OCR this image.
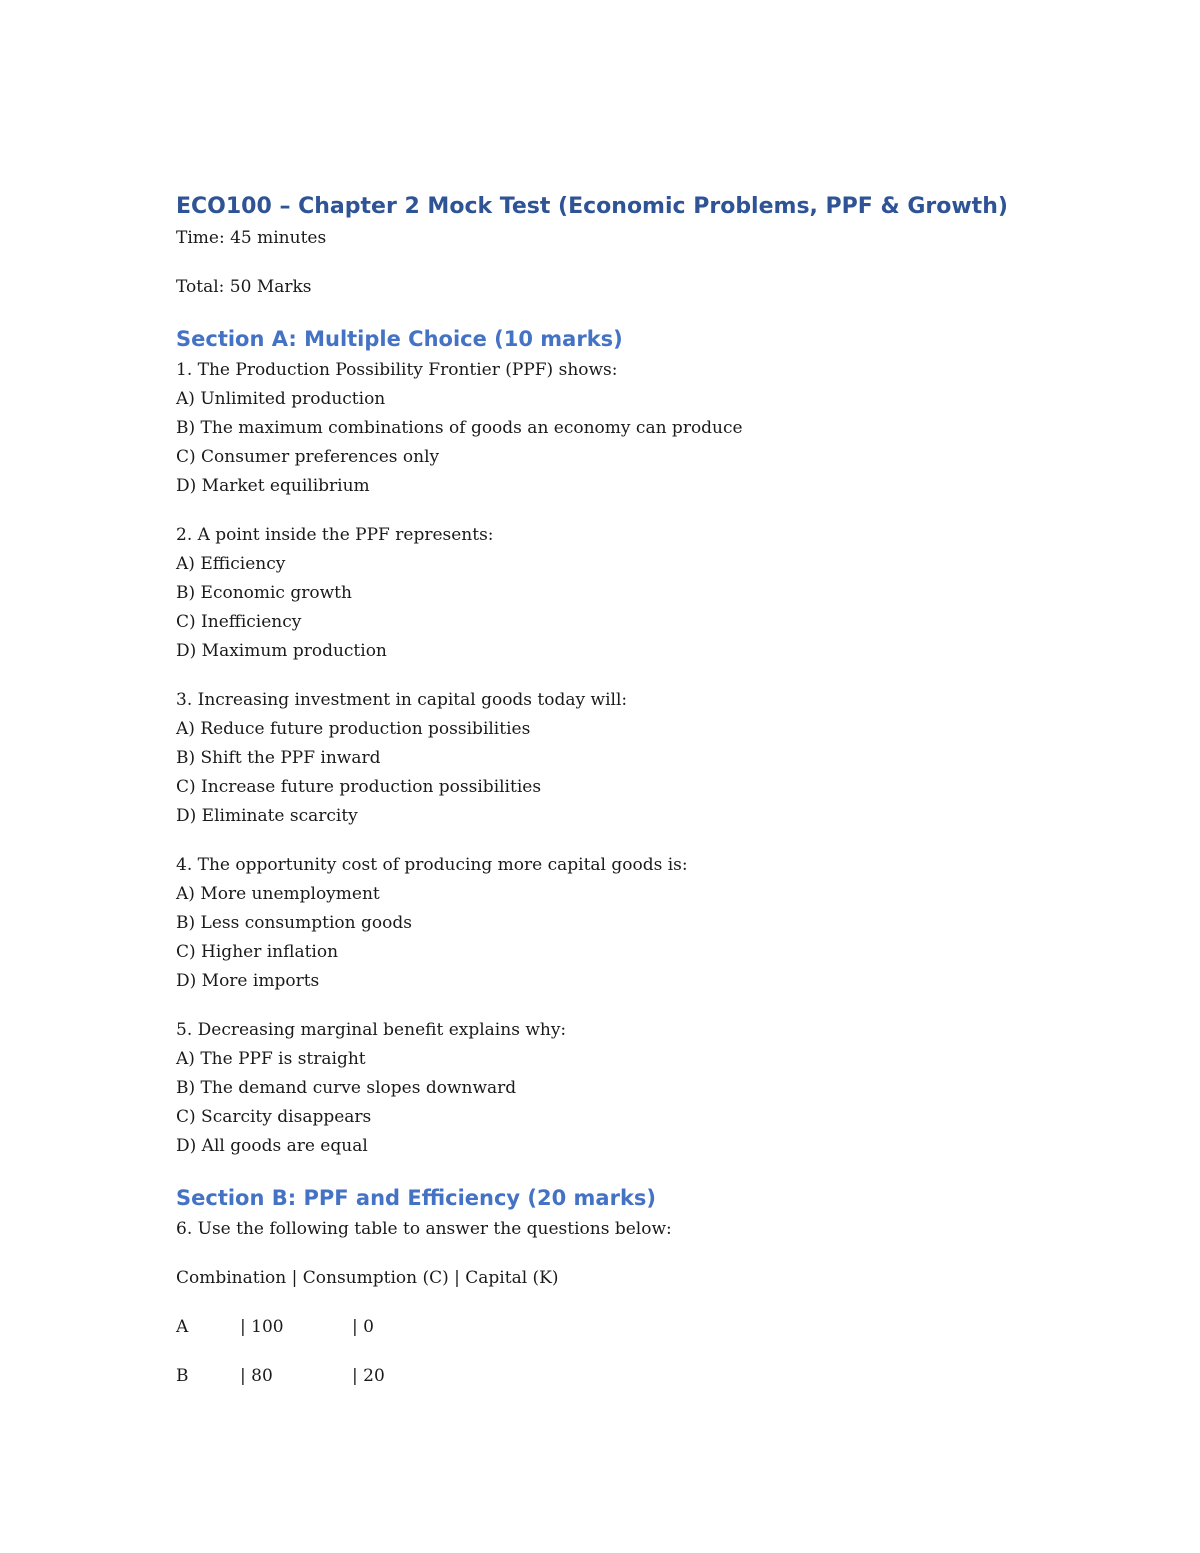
ECO100 – Chapter 2 Mock Test (Economic Problems, PPF & Growth)

Time: 45 minutes

Total: 50 Marks

Section A: Multiple Choice (10 marks)

1. The Production Possibility Frontier (PPF) shows:

A) Unlimited production

B) The maximum combinations of goods an economy can produce

C) Consumer preferences only

D) Market equilibrium

2. A point inside the PPF represents:

A) Efficiency

B) Economic growth

C) Inefficiency

D) Maximum production

3. Increasing investment in capital goods today will:

A) Reduce future production possibilities

B) Shift the PPF inward

C) Increase future production possibilities

D) Eliminate scarcity

4. The opportunity cost of producing more capital goods is:

A) More unemployment

B) Less consumption goods

C) Higher inflation

D) More imports

5. Decreasing marginal benefit explains why:

A) The PPF is straight

B) The demand curve slopes downward

C) Scarcity disappears

D) All goods are equal

Section B: PPF and Efficiency (20 marks)

6. Use the following table to answer the questions below:

Combination | Consumption (C) | Capital (K)

A	| 100	| 0
B	| 80	| 20
